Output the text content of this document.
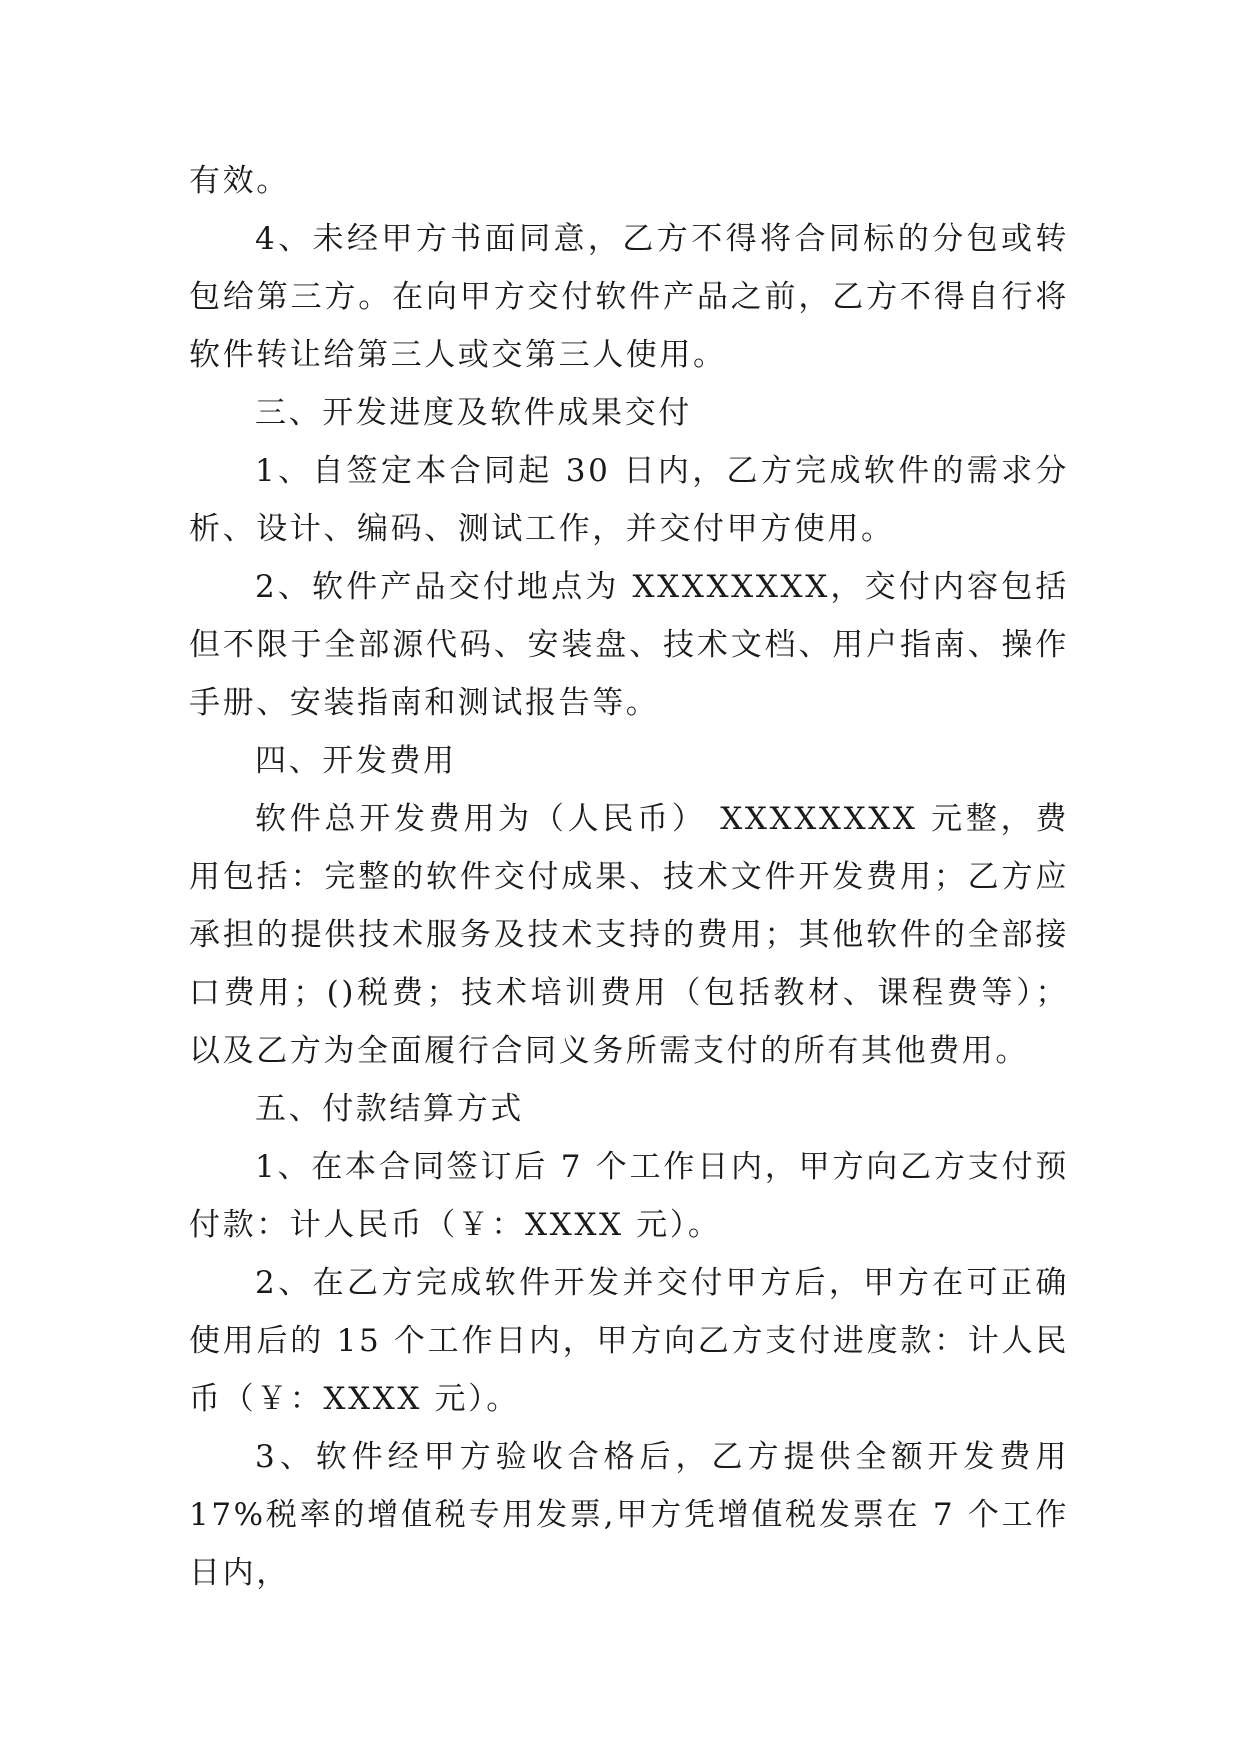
有效。

4、未经甲方书面同意，乙方不得将合同标的分包或转包给第三方。在向甲方交付软件产品之前，乙方不得自行将软件转让给第三人或交第三人使用。

三、开发进度及软件成果交付

1、自签定本合同起 30 日内，乙方完成软件的需求分析、设计、编码、测试工作，并交付甲方使用。

2、软件产品交付地点为 XXXXXXXX，交付内容包括但不限于全部源代码、安装盘、技术文档、用户指南、操作手册、安装指南和测试报告等。

四、开发费用

软件总开发费用为（人民币） XXXXXXXX 元整，费用包括：完整的软件交付成果、技术文件开发费用；乙方应承担的提供技术服务及技术支持的费用；其他软件的全部接口费用；()税费；技术培训费用（包括教材、课程费等）；以及乙方为全面履行合同义务所需支付的所有其他费用。

五、付款结算方式

1、在本合同签订后 7 个工作日内，甲方向乙方支付预付款：计人民币（￥：XXXX 元）。

2、在乙方完成软件开发并交付甲方后，甲方在可正确使用后的 15 个工作日内，甲方向乙方支付进度款：计人民币（￥：XXXX 元）。

3、软件经甲方验收合格后，乙方提供全额开发费用 17%税率的增值税专用发票,甲方凭增值税发票在 7 个工作日内，
